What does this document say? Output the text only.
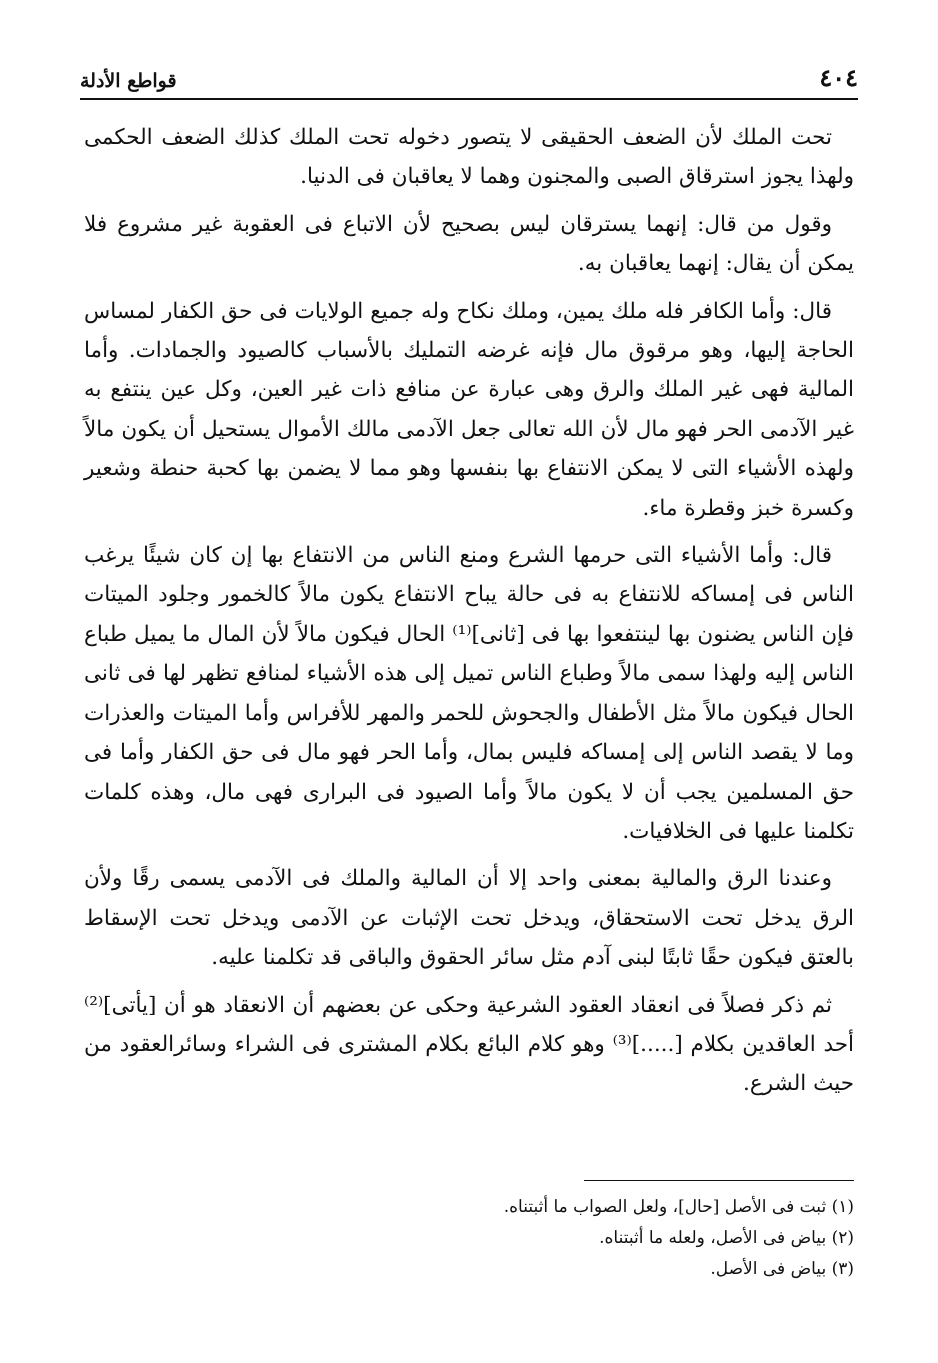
٤٠٤
قواطع الأدلة

تحت الملك لأن الضعف الحقيقى لا يتصور دخوله تحت الملك كذلك الضعف الحكمى ولهذا يجوز استرقاق الصبى والمجنون وهما لا يعاقبان فى الدنيا.

وقول من قال: إنهما يسترقان ليس بصحيح لأن الاتباع فى العقوبة غير مشروع فلا يمكن أن يقال: إنهما يعاقبان به.

قال: وأما الكافر فله ملك يمين، وملك نكاح وله جميع الولايات فى حق الكفار لمساس الحاجة إليها، وهو مرقوق مال فإنه غرضه التمليك بالأسباب كالصيود والجمادات. وأما المالية فهى غير الملك والرق وهى عبارة عن منافع ذات غير العين، وكل عين ينتفع به غير الآدمى الحر فهو مال لأن الله تعالى جعل الآدمى مالك الأموال يستحيل أن يكون مالاً ولهذه الأشياء التى لا يمكن الانتفاع بها بنفسها وهو مما لا يضمن بها كحبة حنطة وشعير وكسرة خبز وقطرة ماء.

قال: وأما الأشياء التى حرمها الشرع ومنع الناس من الانتفاع بها إن كان شيئًا يرغب الناس فى إمساكه للانتفاع به فى حالة يباح الانتفاع يكون مالاً كالخمور وجلود الميتات فإن الناس يضنون بها لينتفعوا بها فى [ثانى]⁽¹⁾ الحال فيكون مالاً لأن المال ما يميل طباع الناس إليه ولهذا سمى مالاً وطباع الناس تميل إلى هذه الأشياء لمنافع تظهر لها فى ثانى الحال فيكون مالاً مثل الأطفال والجحوش للحمر والمهر للأفراس وأما الميتات والعذرات وما لا يقصد الناس إلى إمساكه فليس بمال، وأما الحر فهو مال فى حق الكفار وأما فى حق المسلمين يجب أن لا يكون مالاً وأما الصيود فى البرارى فهى مال، وهذه كلمات تكلمنا عليها فى الخلافيات.

وعندنا الرق والمالية بمعنى واحد إلا أن المالية والملك فى الآدمى يسمى رقًا ولأن الرق يدخل تحت الاستحقاق، ويدخل تحت الإثبات عن الآدمى ويدخل تحت الإسقاط بالعتق فيكون حقًا ثابتًا لبنى آدم مثل سائر الحقوق والباقى قد تكلمنا عليه.

ثم ذكر فصلاً فى انعقاد العقود الشرعية وحكى عن بعضهم أن الانعقاد هو أن [يأتى]⁽²⁾ أحد العاقدين بكلام [.....]⁽³⁾ وهو كلام البائع بكلام المشترى فى الشراء وسائرالعقود من حيث الشرع.

(١) ثبت فى الأصل [حال]، ولعل الصواب ما أثبتناه.

(٢) بياض فى الأصل، ولعله ما أثبتناه.

(٣) بياض فى الأصل.
